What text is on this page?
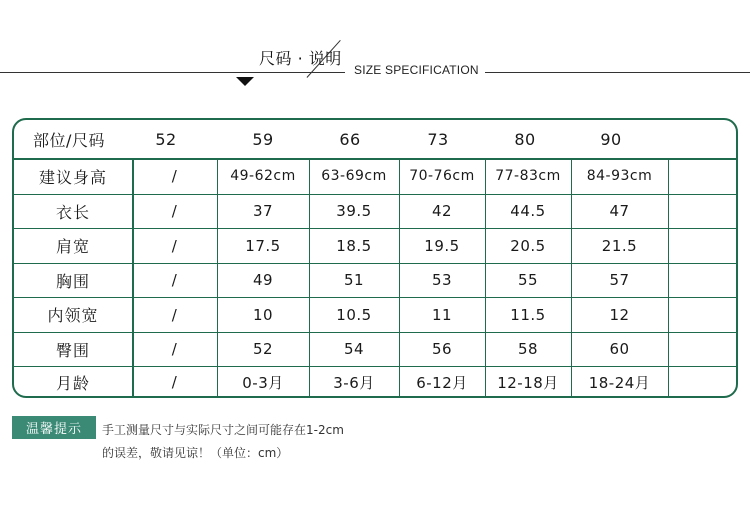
尺码 · 说明
SIZE SPECIFICATION
部位/尺码	52	59	66	73	80	90
建议身高	/	49-62cm	63-69cm	70-76cm	77-83cm	84-93cm
衣长	/	37	39.5	42	44.5	47
肩宽	/	17.5	18.5	19.5	20.5	21.5
胸围	/	49	51	53	55	57
内领宽	/	10	10.5	11	11.5	12
臀围	/	52	54	56	58	60
月龄	/	0-3月	3-6月	6-12月	12-18月	18-24月
温馨提示	手工测量尺寸与实际尺寸之间可能存在1-2cm
的误差，敬请见谅！（单位：cm）
